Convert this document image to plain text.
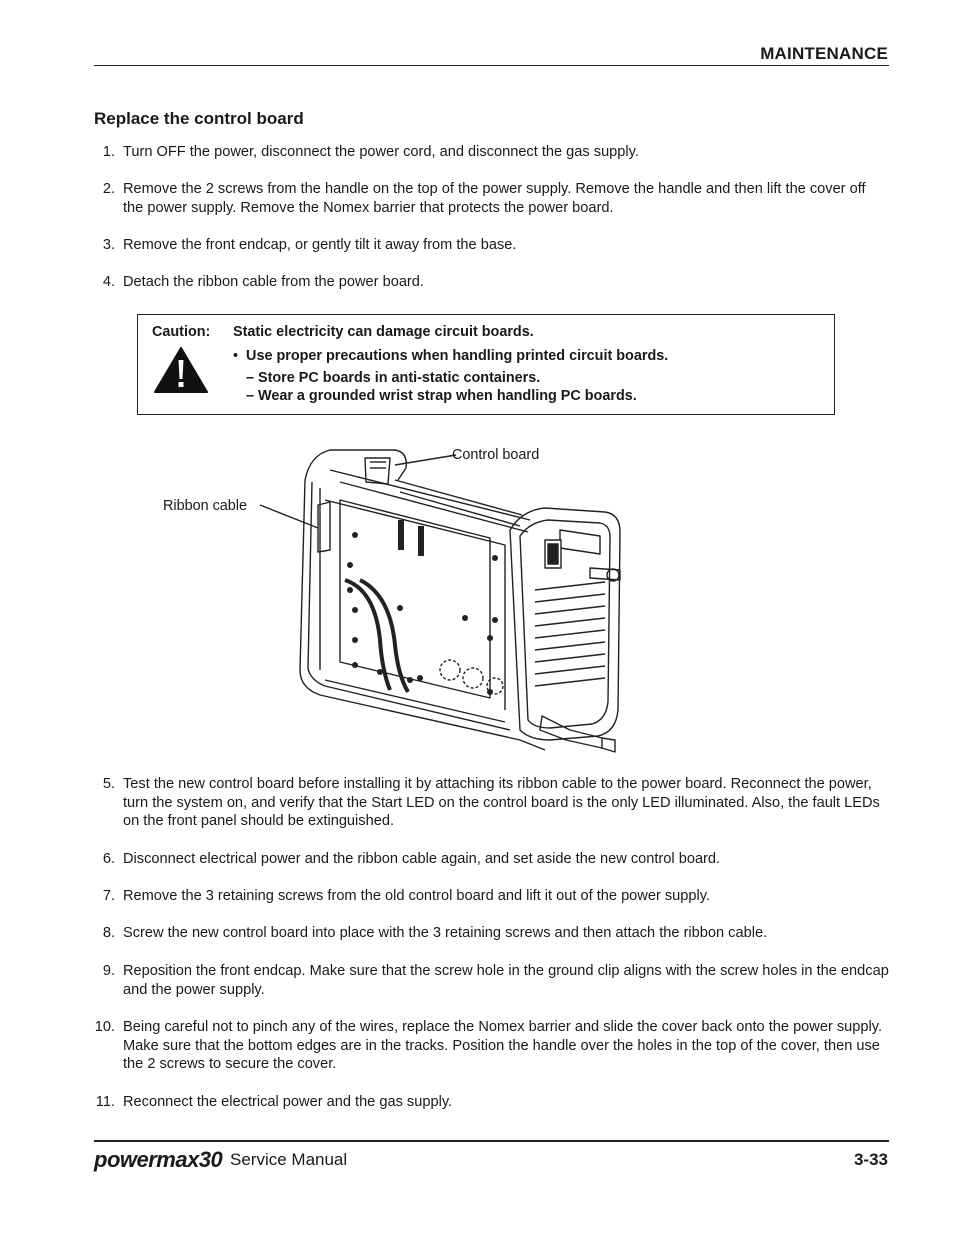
MAINTENANCE
Replace the control board
1. Turn OFF the power, disconnect the power cord, and disconnect the gas supply.
2. Remove the 2 screws from the handle on the top of the power supply. Remove the handle and then lift the cover off the power supply. Remove the Nomex barrier that protects the power board.
3. Remove the front endcap, or gently tilt it away from the base.
4. Detach the ribbon cable from the power board.
Caution: Static electricity can damage circuit boards.
•  Use proper precautions when handling printed circuit boards.
– Store PC boards in anti-static containers.
– Wear a grounded wrist strap when handling PC boards.
Control board
Ribbon cable
5. Test the new control board before installing it by attaching its ribbon cable to the power board. Reconnect the power, turn the system on, and verify that the Start LED on the control board is the only LED illuminated. Also, the fault LEDs on the front panel should be extinguished.
6. Disconnect electrical power and the ribbon cable again, and set aside the new control board.
7. Remove the 3 retaining screws from the old control board and lift it out of the power supply.
8. Screw the new control board into place with the 3 retaining screws and then attach the ribbon cable.
9. Reposition the front endcap. Make sure that the screw hole in the ground clip aligns with the screw holes in the endcap and the power supply.
10. Being careful not to pinch any of the wires, replace the Nomex barrier and slide the cover back onto the power supply. Make sure that the bottom edges are in the tracks. Position the handle over the holes in the top of the cover, then use the 2 screws to secure the cover.
11. Reconnect the electrical power and the gas supply.
powermax30 Service Manual	3-33
